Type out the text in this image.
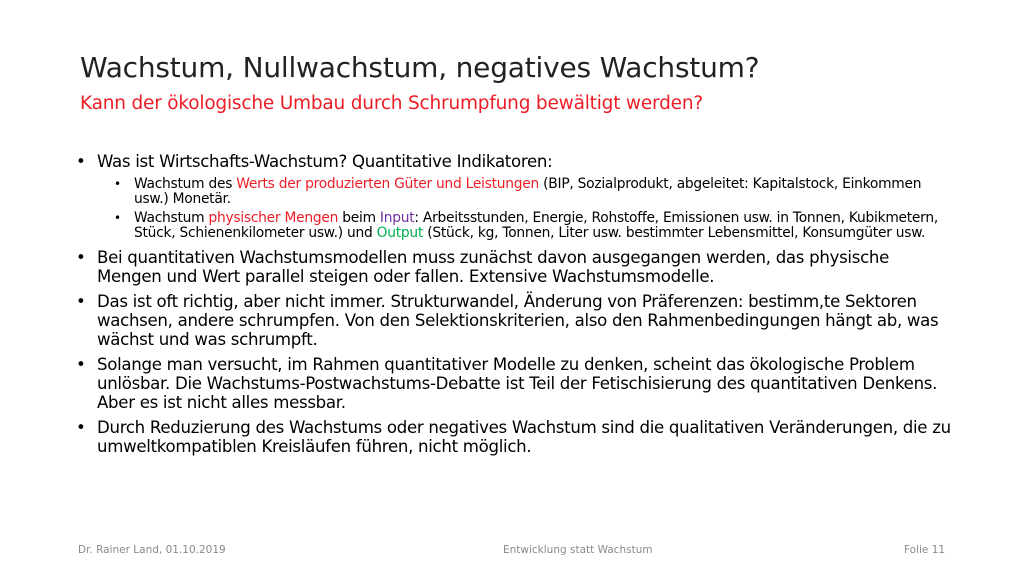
Wachstum, Nullwachstum, negatives Wachstum?
Kann der ökologische Umbau durch Schrumpfung bewältigt werden?
• Was ist Wirtschafts-Wachstum? Quantitative Indikatoren:
• Wachstum des Werts der produzierten Güter und Leistungen (BIP, Sozialprodukt, abgeleitet: Kapitalstock, Einkommen usw.) Monetär.
• Wachstum physischer Mengen beim Input: Arbeitsstunden, Energie, Rohstoffe, Emissionen usw. in Tonnen, Kubikmetern, Stück, Schienenkilometer usw.) und Output (Stück, kg, Tonnen, Liter usw. bestimmter Lebensmittel, Konsumgüter usw.
• Bei quantitativen Wachstumsmodellen muss zunächst davon ausgegangen werden, das physische Mengen und Wert parallel steigen oder fallen. Extensive Wachstumsmodelle.
• Das ist oft richtig, aber nicht immer. Strukturwandel, Änderung von Präferenzen: bestimm,te Sektoren wachsen, andere schrumpfen. Von den Selektionskriterien, also den Rahmenbedingungen hängt ab, was wächst und was schrumpft.
• Solange man versucht, im Rahmen quantitativer Modelle zu denken, scheint das ökologische Problem unlösbar. Die Wachstums-Postwachstums-Debatte ist Teil der Fetischisierung des quantitativen Denkens. Aber es ist nicht alles messbar.
• Durch Reduzierung des Wachstums oder negatives Wachstum sind die qualitativen Veränderungen, die zu umweltkompatiblen Kreisläufen führen, nicht möglich.
Dr. Rainer Land, 01.10.2019	Entwicklung statt Wachstum	Folie 11
